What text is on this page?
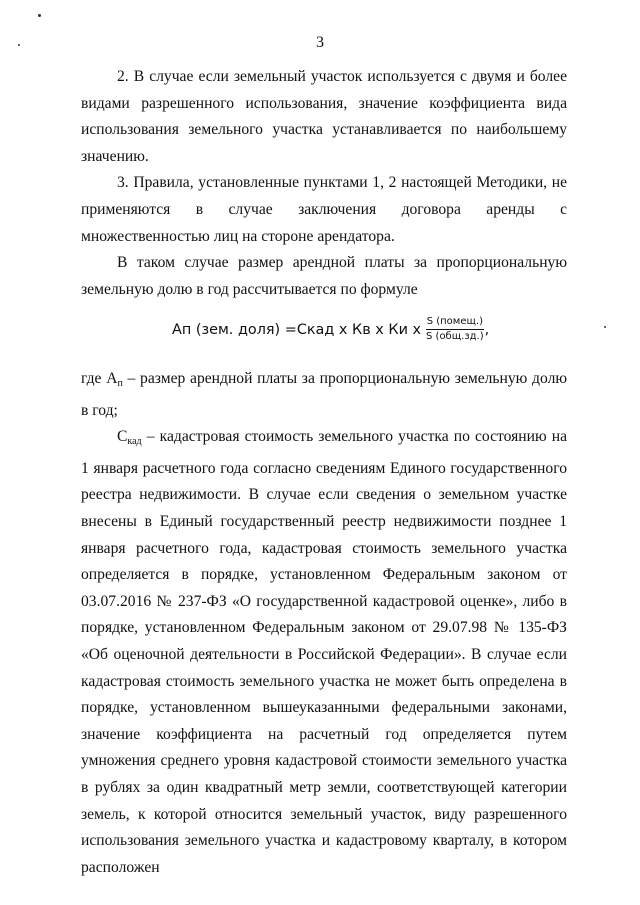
3

2. В случае если земельный участок используется с двумя и более видами разрешенного использования, значение коэффициента вида использования земельного участка устанавливается по наибольшему значению.

3. Правила, установленные пунктами 1, 2 настоящей Методики, не применяются в случае заключения договора аренды с множественностью лиц на стороне арендатора.

В таком случае размер арендной платы за пропорциональную земельную долю в год рассчитывается по формуле

Ап (зем. доля) = Скад х Кв х Ки х $\frac{\text{S (помещ.)}}{\text{S (общ.зд.)}}$ ,

где $А_п$ – размер арендной платы за пропорциональную земельную долю в год;

$С_{кад}$ – кадастровая стоимость земельного участка по состоянию на 1 января расчетного года согласно сведениям Единого государственного реестра недвижимости. В случае если сведения о земельном участке внесены в Единый государственный реестр недвижимости позднее 1 января расчетного года, кадастровая стоимость земельного участка определяется в порядке, установленном Федеральным законом от 03.07.2016 № 237-ФЗ «О государственной кадастровой оценке», либо в порядке, установленном Федеральным законом от 29.07.98 № 135-ФЗ «Об оценочной деятельности в Российской Федерации». В случае если кадастровая стоимость земельного участка не может быть определена в порядке, установленном вышеуказанными федеральными законами, значение коэффициента на расчетный год определяется путем умножения среднего уровня кадастровой стоимости земельного участка в рублях за один квадратный метр земли, соответствующей категории земель, к которой относится земельный участок, виду разрешенного использования земельного участка и кадастровому кварталу, в котором расположен
